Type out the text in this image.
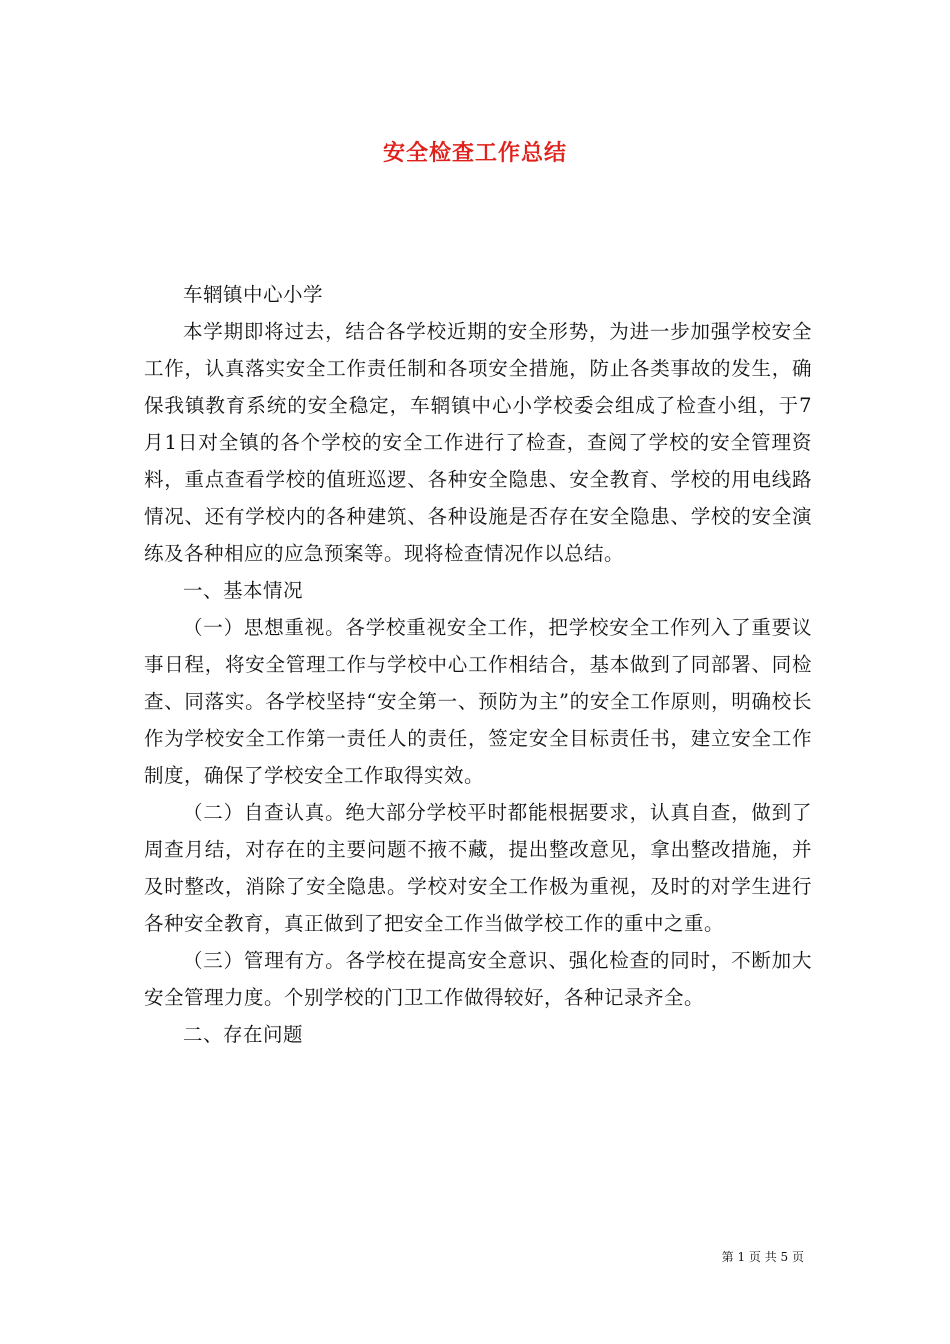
安全检查工作总结

车辋镇中心小学

本学期即将过去，结合各学校近期的安全形势，为进一步加强学校安全工作，认真落实安全工作责任制和各项安全措施，防止各类事故的发生，确保我镇教育系统的安全稳定，车辋镇中心小学校委会组成了检查小组，于7月1日对全镇的各个学校的安全工作进行了检查，查阅了学校的安全管理资料，重点查看学校的值班巡逻、各种安全隐患、安全教育、学校的用电线路情况、还有学校内的各种建筑、各种设施是否存在安全隐患、学校的安全演练及各种相应的应急预案等。现将检查情况作以总结。

一、基本情况

（一）思想重视。各学校重视安全工作，把学校安全工作列入了重要议事日程，将安全管理工作与学校中心工作相结合，基本做到了同部署、同检查、同落实。各学校坚持“安全第一、预防为主”的安全工作原则，明确校长作为学校安全工作第一责任人的责任，签定安全目标责任书，建立安全工作制度，确保了学校安全工作取得实效。

（二）自查认真。绝大部分学校平时都能根据要求，认真自查，做到了周查月结，对存在的主要问题不掖不藏，提出整改意见，拿出整改措施，并及时整改，消除了安全隐患。学校对安全工作极为重视，及时的对学生进行各种安全教育，真正做到了把安全工作当做学校工作的重中之重。

（三）管理有方。各学校在提高安全意识、强化检查的同时，不断加大安全管理力度。个别学校的门卫工作做得较好，各种记录齐全。

二、存在问题

第 1 页 共 5 页
